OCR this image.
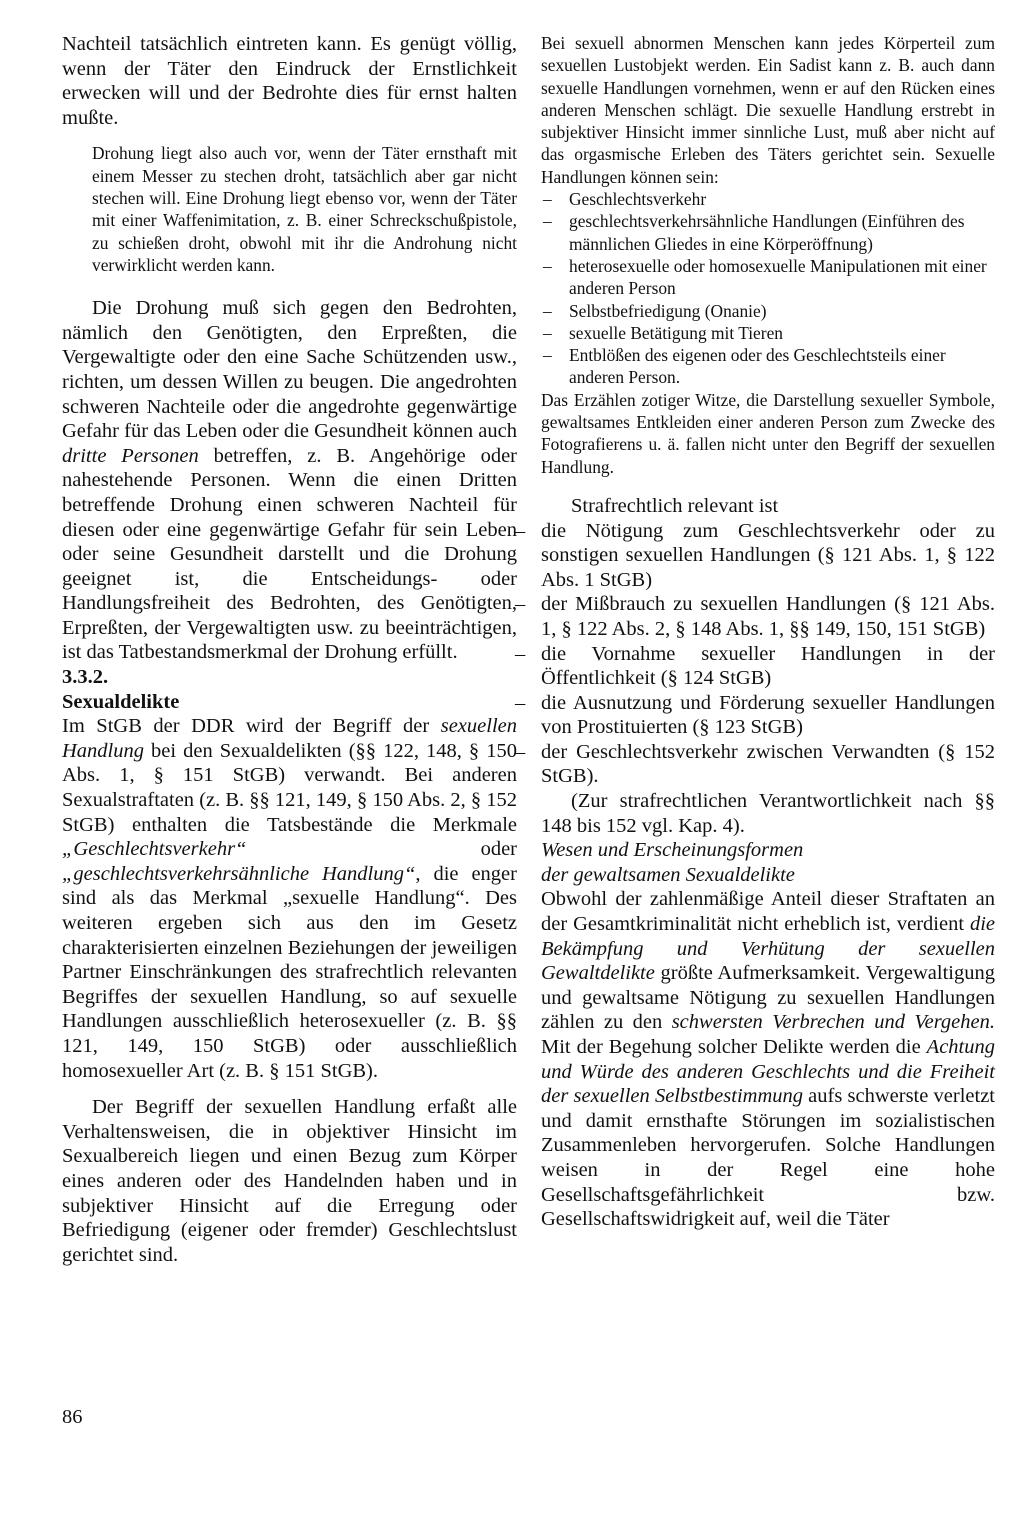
Nachteil tatsächlich eintreten kann. Es genügt völlig, wenn der Täter den Eindruck der Ernstlichkeit erwecken will und der Bedrohte dies für ernst halten mußte.

Drohung liegt also auch vor, wenn der Täter ernsthaft mit einem Messer zu stechen droht, tatsächlich aber gar nicht stechen will. Eine Drohung liegt ebenso vor, wenn der Täter mit einer Waffenimitation, z. B. einer Schreckschußpistole, zu schießen droht, obwohl mit ihr die Androhung nicht verwirklicht werden kann.

Die Drohung muß sich gegen den Bedrohten, nämlich den Genötigten, den Erpreßten, die Vergewaltigte oder den eine Sache Schützenden usw., richten, um dessen Willen zu beugen. Die angedrohten schweren Nachteile oder die angedrohte gegenwärtige Gefahr für das Leben oder die Gesundheit können auch dritte Personen betreffen, z. B. Angehörige oder nahestehende Personen. Wenn die einen Dritten betreffende Drohung einen schweren Nachteil für diesen oder eine gegenwärtige Gefahr für sein Leben oder seine Gesundheit darstellt und die Drohung geeignet ist, die Entscheidungs- oder Handlungsfreiheit des Bedrohten, des Genötigten, Erpreßten, der Vergewaltigten usw. zu beeinträchtigen, ist das Tatbestandsmerkmal der Drohung erfüllt.

3.3.2.

Sexualdelikte

Im StGB der DDR wird der Begriff der sexuellen Handlung bei den Sexualdelikten (§§ 122, 148, § 150 Abs. 1, § 151 StGB) verwandt. Bei anderen Sexualstraftaten (z. B. §§ 121, 149, § 150 Abs. 2, § 152 StGB) enthalten die Tatsbestände die Merkmale „Geschlechtsverkehr“ oder „geschlechtsverkehrsähnliche Handlung“, die enger sind als das Merkmal „sexuelle Handlung“. Des weiteren ergeben sich aus den im Gesetz charakterisierten einzelnen Beziehungen der jeweiligen Partner Einschränkungen des strafrechtlich relevanten Begriffes der sexuellen Handlung, so auf sexuelle Handlungen ausschließlich heterosexueller (z. B. §§ 121, 149, 150 StGB) oder ausschließlich homosexueller Art (z. B. § 151 StGB).

Der Begriff der sexuellen Handlung erfaßt alle Verhaltensweisen, die in objektiver Hinsicht im Sexualbereich liegen und einen Bezug zum Körper eines anderen oder des Handelnden haben und in subjektiver Hinsicht auf die Erregung oder Befriedigung (eigener oder fremder) Geschlechtslust gerichtet sind.

Bei sexuell abnormen Menschen kann jedes Körperteil zum sexuellen Lustobjekt werden. Ein Sadist kann z. B. auch dann sexuelle Handlungen vornehmen, wenn er auf den Rücken eines anderen Menschen schlägt. Die sexuelle Handlung erstrebt in subjektiver Hinsicht immer sinnliche Lust, muß aber nicht auf das orgasmische Erleben des Täters gerichtet sein. Sexuelle Handlungen können sein:

– Geschlechtsverkehr
– geschlechtsverkehrsähnliche Handlungen (Einführen des männlichen Gliedes in eine Körperöffnung)
– heterosexuelle oder homosexuelle Manipulationen mit einer anderen Person
– Selbstbefriedigung (Onanie)
– sexuelle Betätigung mit Tieren
– Entblößen des eigenen oder des Geschlechtsteils einer anderen Person.

Das Erzählen zotiger Witze, die Darstellung sexueller Symbole, gewaltsames Entkleiden einer anderen Person zum Zwecke des Fotografierens u. ä. fallen nicht unter den Begriff der sexuellen Handlung.

Strafrechtlich relevant ist

– die Nötigung zum Geschlechtsverkehr oder zu sonstigen sexuellen Handlungen (§ 121 Abs. 1, § 122 Abs. 1 StGB)
– der Mißbrauch zu sexuellen Handlungen (§ 121 Abs. 1, § 122 Abs. 2, § 148 Abs. 1, §§ 149, 150, 151 StGB)
– die Vornahme sexueller Handlungen in der Öffentlichkeit (§ 124 StGB)
– die Ausnutzung und Förderung sexueller Handlungen von Prostituierten (§ 123 StGB)
– der Geschlechtsverkehr zwischen Verwandten (§ 152 StGB).

(Zur strafrechtlichen Verantwortlichkeit nach §§ 148 bis 152 vgl. Kap. 4).

Wesen und Erscheinungsformen

der gewaltsamen Sexualdelikte

Obwohl der zahlenmäßige Anteil dieser Straftaten an der Gesamtkriminalität nicht erheblich ist, verdient die Bekämpfung und Verhütung der sexuellen Gewaltdelikte größte Aufmerksamkeit. Vergewaltigung und gewaltsame Nötigung zu sexuellen Handlungen zählen zu den schwersten Verbrechen und Vergehen. Mit der Begehung solcher Delikte werden die Achtung und Würde des anderen Geschlechts und die Freiheit der sexuellen Selbstbestimmung aufs schwerste verletzt und damit ernsthafte Störungen im sozialistischen Zusammenleben hervorgerufen. Solche Handlungen weisen in der Regel eine hohe Gesellschaftsgefährlichkeit bzw. Gesellschaftswidrigkeit auf, weil die Täter

86
